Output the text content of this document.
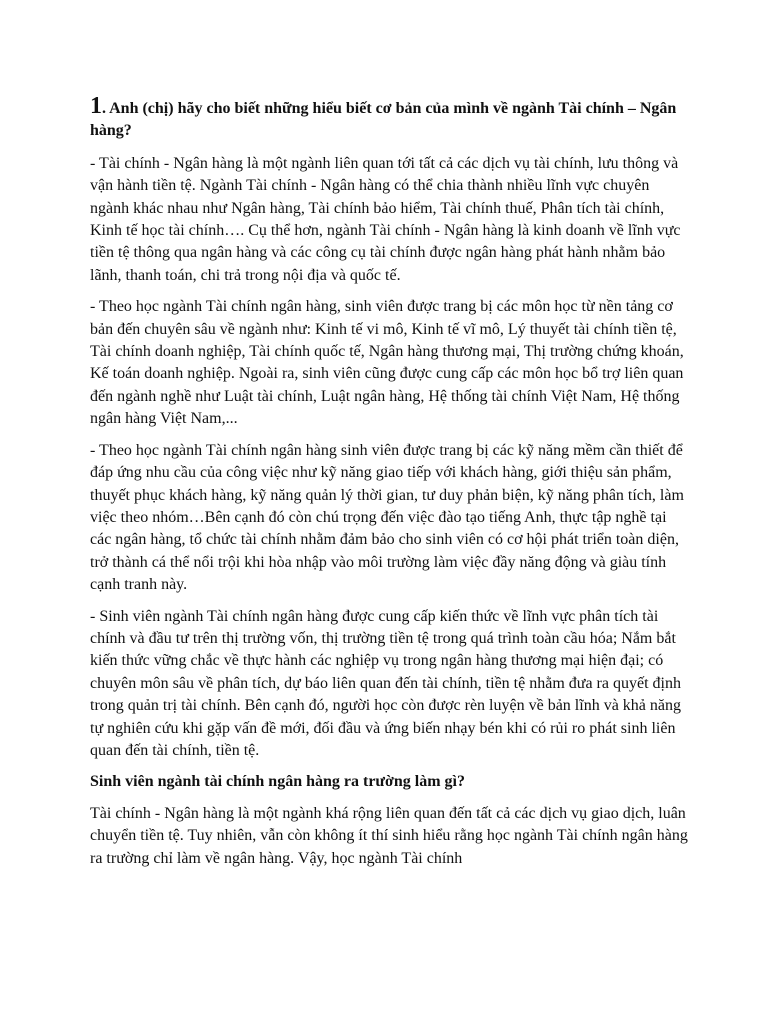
1. Anh (chị) hãy cho biết những hiểu biết cơ bản của mình về ngành Tài chính – Ngân hàng?

- Tài chính - Ngân hàng là một ngành liên quan tới tất cả các dịch vụ tài chính, lưu thông và vận hành tiền tệ. Ngành Tài chính - Ngân hàng có thể chia thành nhiều lĩnh vực chuyên ngành khác nhau như Ngân hàng, Tài chính bảo hiểm, Tài chính thuế, Phân tích tài chính, Kinh tế học tài chính…. Cụ thể hơn, ngành Tài chính - Ngân hàng là kinh doanh về lĩnh vực tiền tệ thông qua ngân hàng và các công cụ tài chính được ngân hàng phát hành nhằm bảo lãnh, thanh toán, chi trả trong nội địa và quốc tế.

- Theo học ngành Tài chính ngân hàng, sinh viên được trang bị các môn học từ nền tảng cơ bản đến chuyên sâu về ngành như: Kinh tế vi mô, Kinh tế vĩ mô, Lý thuyết tài chính tiền tệ, Tài chính doanh nghiệp, Tài chính quốc tế, Ngân hàng thương mại, Thị trường chứng khoán, Kế toán doanh nghiệp. Ngoài ra, sinh viên cũng được cung cấp các môn học bổ trợ liên quan đến ngành nghề như Luật tài chính, Luật ngân hàng, Hệ thống tài chính Việt Nam, Hệ thống ngân hàng Việt Nam,...

- Theo học ngành Tài chính ngân hàng sinh viên được trang bị các kỹ năng mềm cần thiết để đáp ứng nhu cầu của công việc như kỹ năng giao tiếp với khách hàng, giới thiệu sản phẩm, thuyết phục khách hàng, kỹ năng quản lý thời gian, tư duy phản biện, kỹ năng phân tích, làm việc theo nhóm…Bên cạnh đó còn chú trọng đến việc đào tạo tiếng Anh, thực tập nghề tại các ngân hàng, tổ chức tài chính nhằm đảm bảo cho sinh viên có cơ hội phát triển toàn diện, trở thành cá thể nổi trội khi hòa nhập vào môi trường làm việc đầy năng động và giàu tính cạnh tranh này.

- Sinh viên ngành Tài chính ngân hàng được cung cấp kiến thức về lĩnh vực phân tích tài chính và đầu tư trên thị trường vốn, thị trường tiền tệ trong quá trình toàn cầu hóa; Nắm bắt kiến thức vững chắc về thực hành các nghiệp vụ trong ngân hàng thương mại hiện đại; có chuyên môn sâu về phân tích, dự báo liên quan đến tài chính, tiền tệ nhằm đưa ra quyết định trong quản trị tài chính. Bên cạnh đó, người học còn được rèn luyện về bản lĩnh và khả năng tự nghiên cứu khi gặp vấn đề mới, đối đầu và ứng biến nhạy bén khi có rủi ro phát sinh liên quan đến tài chính, tiền tệ.

Sinh viên ngành tài chính ngân hàng ra trường làm gì?

Tài chính - Ngân hàng là một ngành khá rộng liên quan đến tất cả các dịch vụ giao dịch, luân chuyển tiền tệ. Tuy nhiên, vẫn còn không ít thí sinh hiểu rằng học ngành Tài chính ngân hàng ra trường chỉ làm về ngân hàng. Vậy, học ngành Tài chính
